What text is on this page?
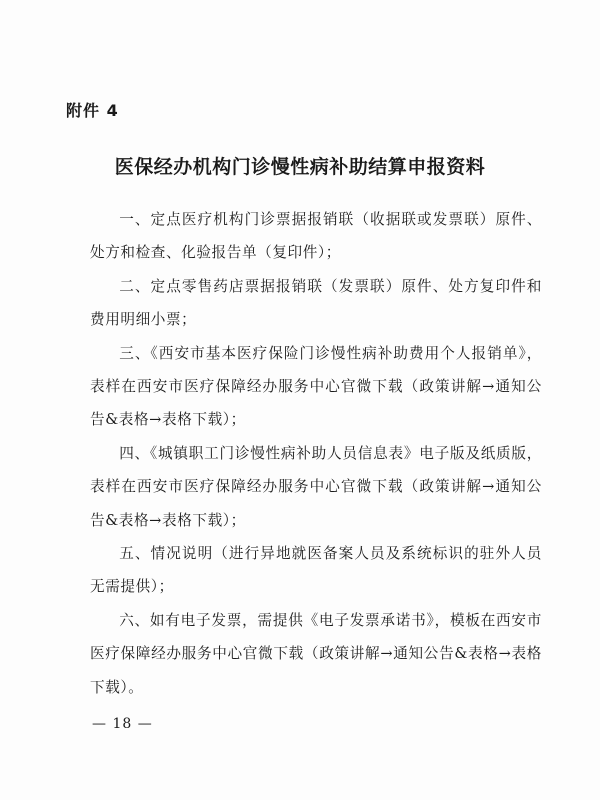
附件 4
医保经办机构门诊慢性病补助结算申报资料

一、定点医疗机构门诊票据报销联（收据联或发票联）原件、处方和检查、化验报告单（复印件）；

二、定点零售药店票据报销联（发票联）原件、处方复印件和费用明细小票；

三、《西安市基本医疗保险门诊慢性病补助费用个人报销单》，表样在西安市医疗保障经办服务中心官微下载（政策讲解→通知公告&表格→表格下载）；

四、《城镇职工门诊慢性病补助人员信息表》电子版及纸质版，表样在西安市医疗保障经办服务中心官微下载（政策讲解→通知公告&表格→表格下载）；

五、情况说明（进行异地就医备案人员及系统标识的驻外人员无需提供）；

六、如有电子发票，需提供《电子发票承诺书》，模板在西安市医疗保障经办服务中心官微下载（政策讲解→通知公告&表格→表格下载）。

— 18 —
